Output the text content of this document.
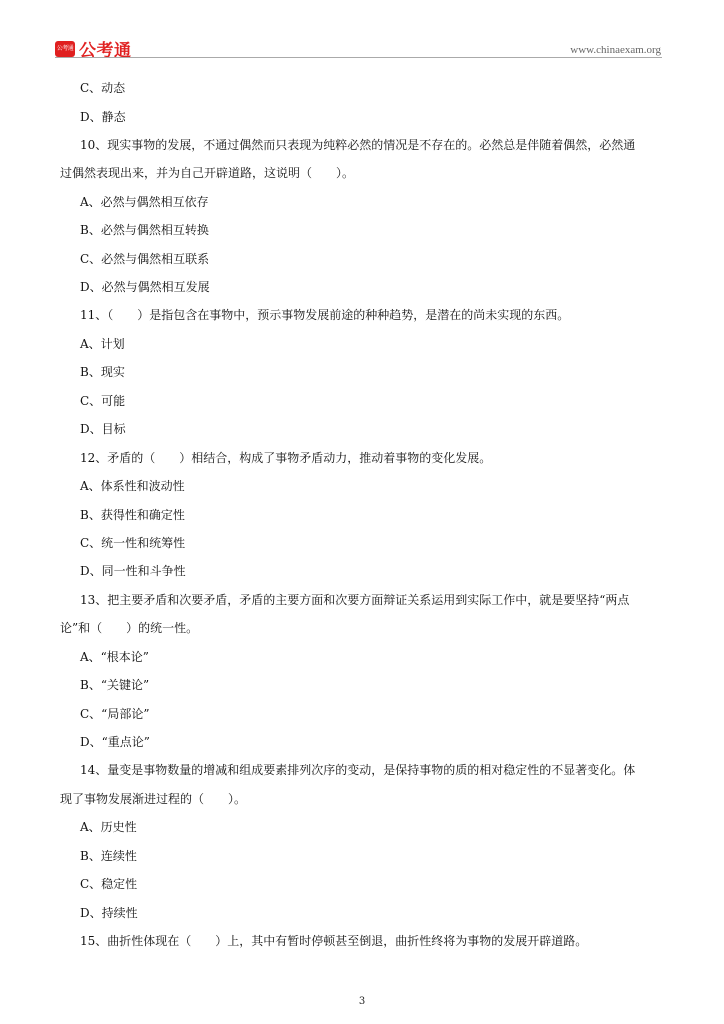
公考通 公考通	www.chinaexam.org
C、动态
D、静态
10、现实事物的发展，不通过偶然而只表现为纯粹必然的情况是不存在的。必然总是伴随着偶然，必然通
过偶然表现出来，并为自己开辟道路，这说明（　　）。
A、必然与偶然相互依存
B、必然与偶然相互转换
C、必然与偶然相互联系
D、必然与偶然相互发展
11、（　　）是指包含在事物中，预示事物发展前途的种种趋势，是潜在的尚未实现的东西。
A、计划
B、现实
C、可能
D、目标
12、矛盾的（　　）相结合，构成了事物矛盾动力，推动着事物的变化发展。
A、体系性和波动性
B、获得性和确定性
C、统一性和统筹性
D、同一性和斗争性
13、把主要矛盾和次要矛盾，矛盾的主要方面和次要方面辩证关系运用到实际工作中，就是要坚持“两点
论”和（　　）的统一性。
A、“根本论”
B、“关键论”
C、“局部论”
D、“重点论”
14、量变是事物数量的增减和组成要素排列次序的变动，是保持事物的质的相对稳定性的不显著变化。体
现了事物发展渐进过程的（　　）。
A、历史性
B、连续性
C、稳定性
D、持续性
15、曲折性体现在（　　）上，其中有暂时停顿甚至倒退，曲折性终将为事物的发展开辟道路。
3
